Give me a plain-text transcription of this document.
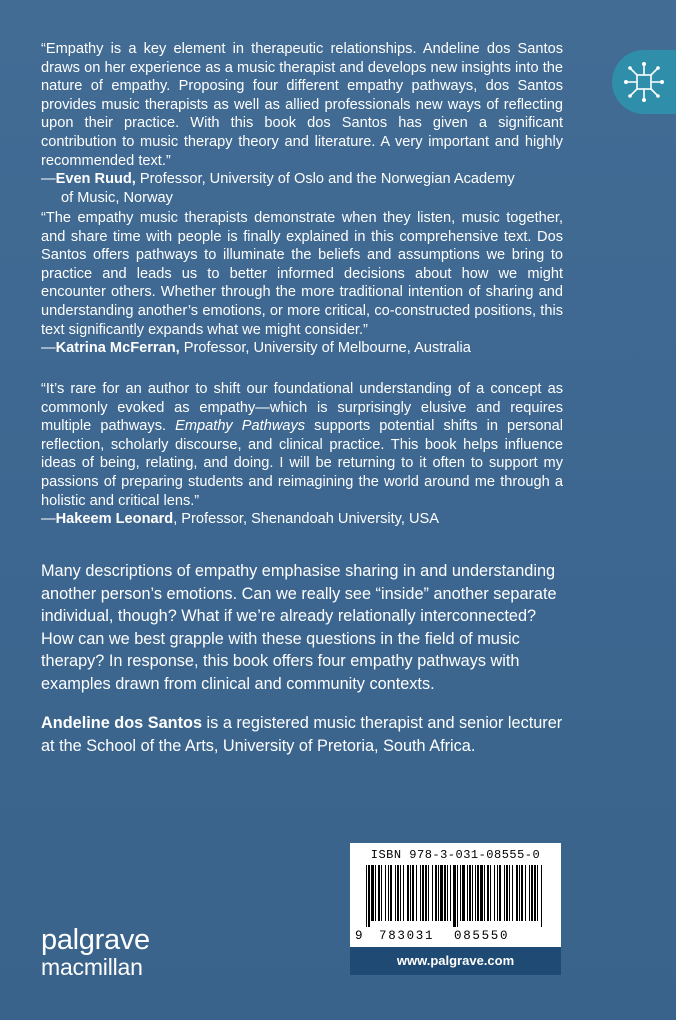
“Empathy is a key element in therapeutic relationships. Andeline dos Santos draws on her experience as a music therapist and develops new insights into the nature of empathy. Proposing four different empathy pathways, dos Santos provides music therapists as well as allied professionals new ways of reflecting upon their practice. With this book dos Santos has given a significant contribution to music therapy theory and literature. A very important and highly recommended text.”

—Even Ruud, Professor, University of Oslo and the Norwegian Academy
of Music, Norway

“The empathy music therapists demonstrate when they listen, music together, and share time with people is finally explained in this comprehensive text. Dos Santos offers pathways to illuminate the beliefs and assumptions we bring to practice and leads us to better informed decisions about how we might encounter others. Whether through the more traditional intention of sharing and understanding another’s emotions, or more critical, co-constructed positions, this text significantly expands what we might consider.”

—Katrina McFerran, Professor, University of Melbourne, Australia

“It’s rare for an author to shift our foundational understanding of a concept as commonly evoked as empathy—which is surprisingly elusive and requires multiple pathways. Empathy Pathways supports potential shifts in personal reflection, scholarly discourse, and clinical practice. This book helps influence ideas of being, relating, and doing. I will be returning to it often to support my passions of preparing students and reimagining the world around me through a holistic and critical lens.”

—Hakeem Leonard, Professor, Shenandoah University, USA

Many descriptions of empathy emphasise sharing in and understanding another person’s emotions. Can we really see “inside” another separate individual, though? What if we’re already relationally interconnected? How can we best grapple with these questions in the field of music therapy? In response, this book offers four empathy pathways with examples drawn from clinical and community contexts.

Andeline dos Santos is a registered music therapist and senior lecturer at the School of the Arts, University of Pretoria, South Africa.

ISBN 978-3-031-08555-0
9 783031 085550
www.palgrave.com
palgrave
macmillan
